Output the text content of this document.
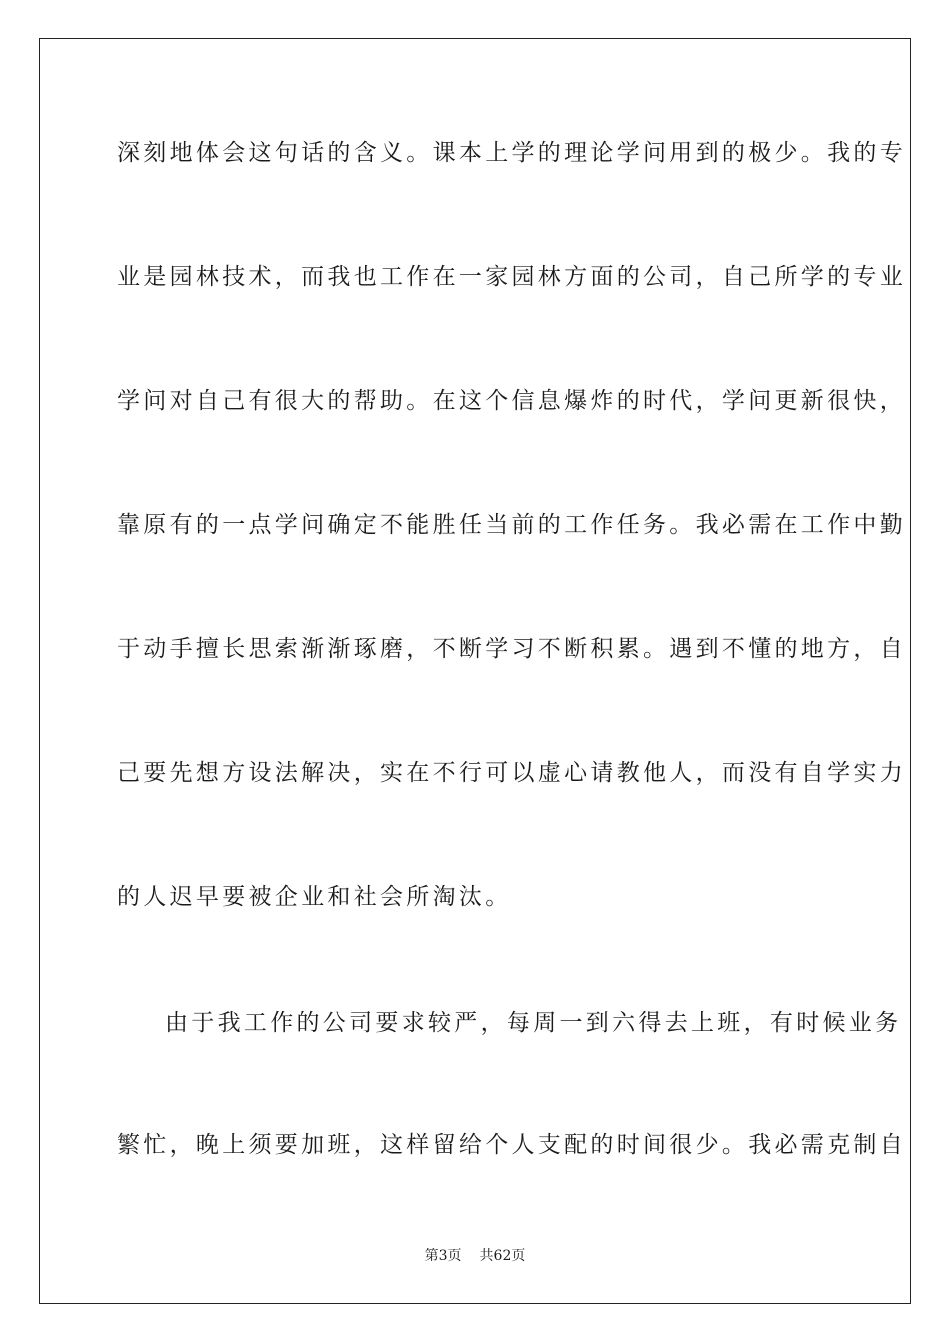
深刻地体会这句话的含义。课本上学的理论学问用到的极少。我的专
业是园林技术，而我也工作在一家园林方面的公司，自己所学的专业
学问对自己有很大的帮助。在这个信息爆炸的时代，学问更新很快，
靠原有的一点学问确定不能胜任当前的工作任务。我必需在工作中勤
于动手擅长思索渐渐琢磨，不断学习不断积累。遇到不懂的地方，自
己要先想方设法解决，实在不行可以虚心请教他人，而没有自学实力
的人迟早要被企业和社会所淘汰。
由于我工作的公司要求较严，每周一到六得去上班，有时候业务
繁忙，晚上须要加班，这样留给个人支配的时间很少。我必需克制自
第3页 共62页
